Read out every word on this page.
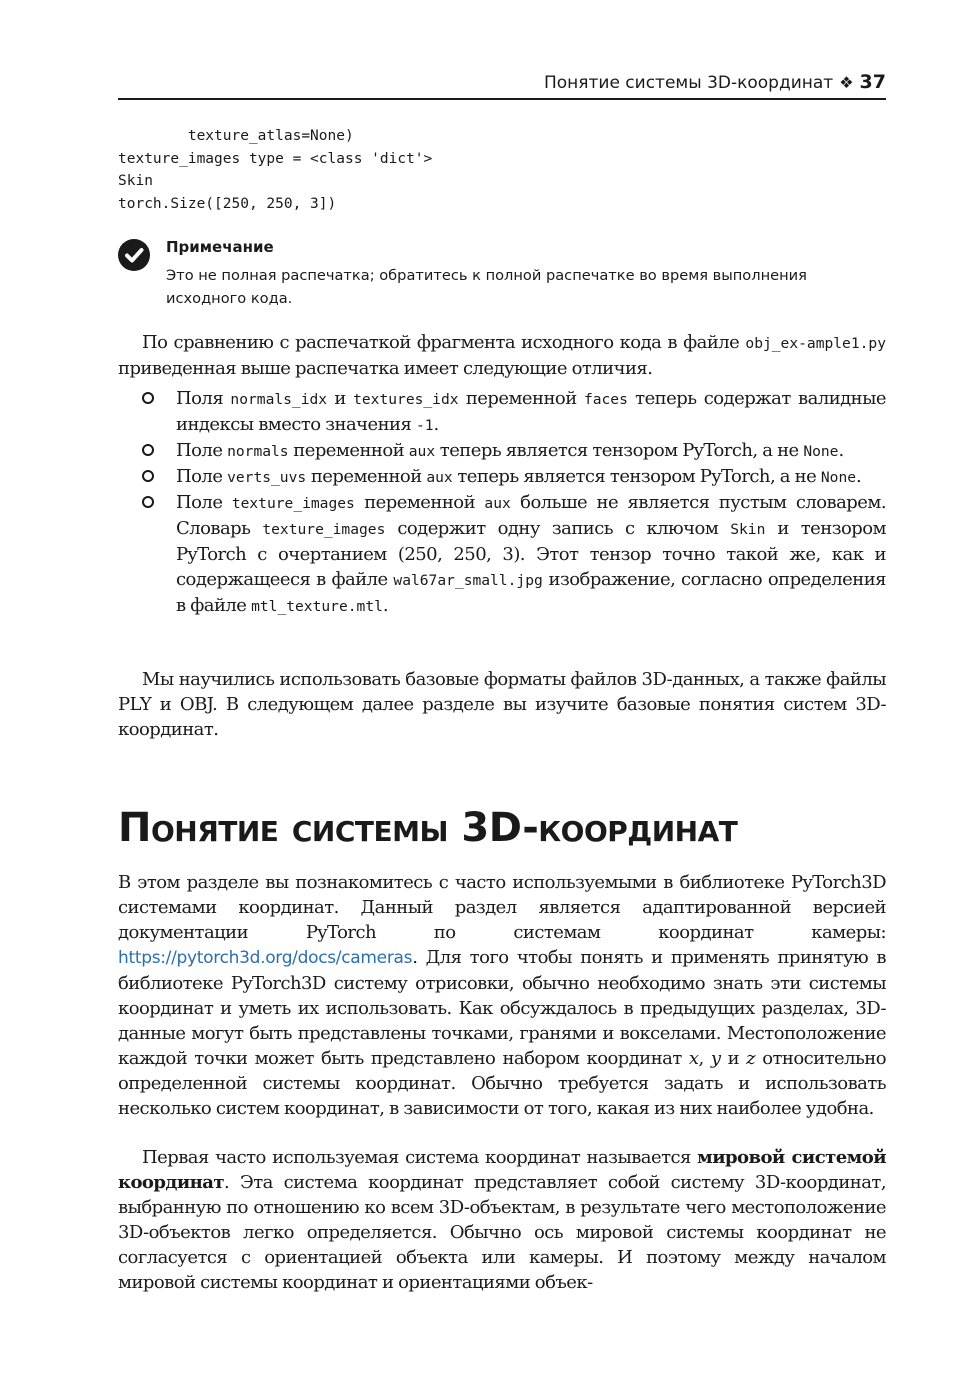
Понятие системы 3D-координат ❖ 37
texture_atlas=None)
texture_images type = <class 'dict'>
Skin
torch.Size([250, 250, 3])
Примечание
Это не полная распечатка; обратитесь к полной распечатке во время выполнения исходного кода.

По сравнению с распечаткой фрагмента исходного кода в файле obj_ex-ample1.py приведенная выше распечатка имеет следующие отличия.

Поля normals_idx и textures_idx переменной faces теперь содержат валидные индексы вместо значения -1.
Поле normals переменной aux теперь является тензором PyTorch, а не None.
Поле verts_uvs переменной aux теперь является тензором PyTorch, а не None.
Поле texture_images переменной aux больше не является пустым словарем. Словарь texture_images содержит одну запись с ключом Skin и тензором PyTorch с очертанием (250, 250, 3). Этот тензор точно такой же, как и содержащееся в файле wal67ar_small.jpg изображение, согласно определения в файле mtl_texture.mtl.

Мы научились использовать базовые форматы файлов 3D-данных, а также файлы PLY и OBJ. В следующем далее разделе вы изучите базовые понятия систем 3D-координат.

Понятие системы 3D-координат

В этом разделе вы познакомитесь с часто используемыми в библиотеке PyTorch3D системами координат. Данный раздел является адаптированной версией документации PyTorch по системам координат камеры: https://pytorch3d.org/docs/cameras. Для того чтобы понять и применять принятую в библиотеке PyTorch3D систему отрисовки, обычно необходимо знать эти системы координат и уметь их использовать. Как обсуждалось в предыдущих разделах, 3D-данные могут быть представлены точками, гранями и вокселами. Местоположение каждой точки может быть представлено набором координат x, y и z относительно определенной системы координат. Обычно требуется задать и использовать несколько систем координат, в зависимости от того, какая из них наиболее удобна.

Первая часто используемая система координат называется мировой системой координат. Эта система координат представляет собой систему 3D-координат, выбранную по отношению ко всем 3D-объектам, в результате чего местоположение 3D-объектов легко определяется. Обычно ось мировой системы координат не согласуется с ориентацией объекта или камеры. И поэтому между началом мировой системы координат и ориентациями объек-
